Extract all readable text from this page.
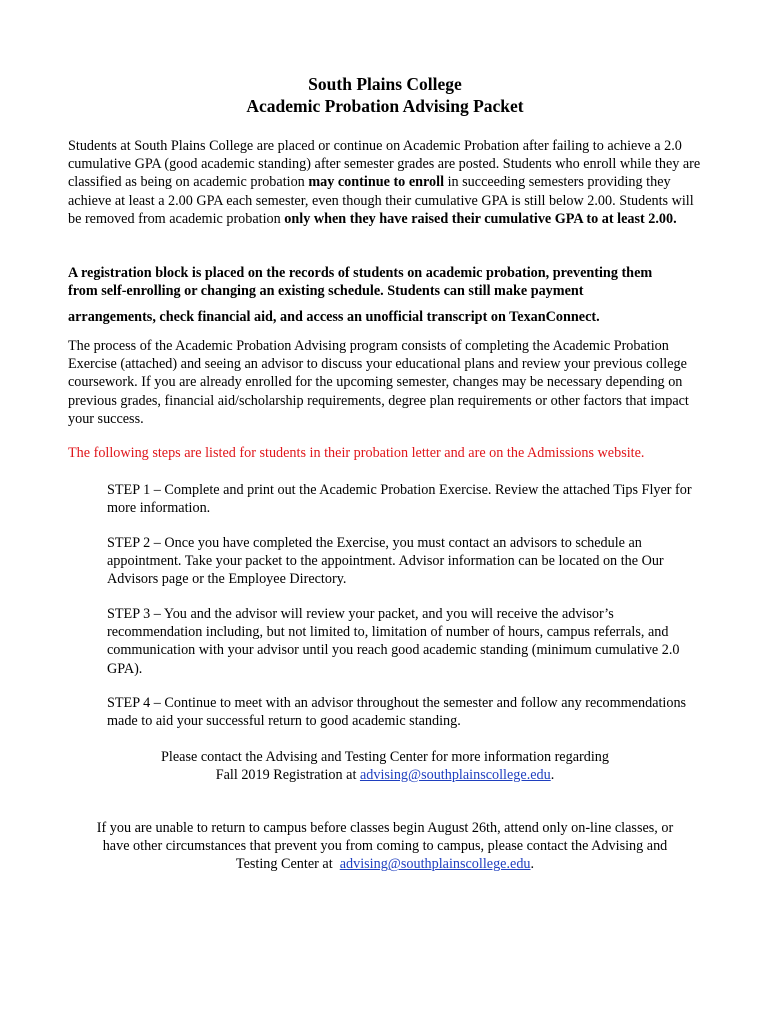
South Plains College
Academic Probation Advising Packet
Students at South Plains College are placed or continue on Academic Probation after failing to achieve a 2.0 cumulative GPA (good academic standing) after semester grades are posted. Students who enroll while they are classified as being on academic probation may continue to enroll in succeeding semesters providing they achieve at least a 2.00 GPA each semester, even though their cumulative GPA is still below 2.00. Students will be removed from academic probation only when they have raised their cumulative GPA to at least 2.00.
A registration block is placed on the records of students on academic probation, preventing them
from self-enrolling or changing an existing schedule. Students can still make payment
arrangements, check financial aid, and access an unofficial transcript on TexanConnect.
The process of the Academic Probation Advising program consists of completing the Academic Probation Exercise (attached) and seeing an advisor to discuss your educational plans and review your previous college coursework. If you are already enrolled for the upcoming semester, changes may be necessary depending on previous grades, financial aid/scholarship requirements, degree plan requirements or other factors that impact your success.
The following steps are listed for students in their probation letter and are on the Admissions website.
STEP 1 – Complete and print out the Academic Probation Exercise. Review the attached Tips Flyer for more information.
STEP 2 – Once you have completed the Exercise, you must contact an advisors to schedule an appointment. Take your packet to the appointment. Advisor information can be located on the Our Advisors page or the Employee Directory.
STEP 3 – You and the advisor will review your packet, and you will receive the advisor’s recommendation including, but not limited to, limitation of number of hours, campus referrals, and communication with your advisor until you reach good academic standing (minimum cumulative 2.0 GPA).
STEP 4 – Continue to meet with an advisor throughout the semester and follow any recommendations made to aid your successful return to good academic standing.
Please contact the Advising and Testing Center for more information regarding
Fall 2019 Registration at advising@southplainscollege.edu.
If you are unable to return to campus before classes begin August 26th, attend only on-line classes, or
have other circumstances that prevent you from coming to campus, please contact the Advising and
Testing Center at  advising@southplainscollege.edu.
